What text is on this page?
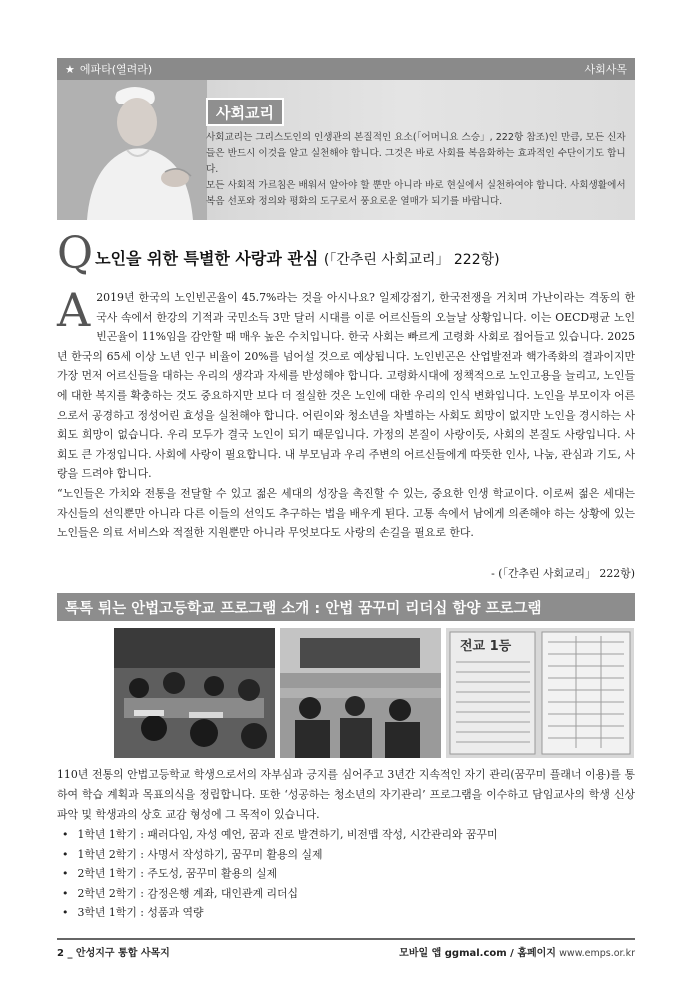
★ 에파타(열려라)	사회사목
사회교리

사회교리는 그리스도인의 인생관의 본질적인 요소(「어머니요 스승」, 222항 참조)인 만큼, 모든 신자들은 반드시 이것을 알고 실천해야 합니다. 그것은 바로 사회를 복음화하는 효과적인 수단이기도 합니다.

모든 사회적 가르침은 배워서 알아야 할 뿐만 아니라 바로 현실에서 실천하여야 합니다. 사회생활에서 복음 선포와 정의와 평화의 도구로서 풍요로운 열매가 되기를 바랍니다.

Q 노인을 위한 특별한 사랑과 관심 (「간추린 사회교리」 222항)
A 2019년 한국의 노인빈곤율이 45.7%라는 것을 아시나요? 일제강점기, 한국전쟁을 거치며 가난이라는 격동의 한국사 속에서 한강의 기적과 국민소득 3만 달러 시대를 이룬 어르신들의 오늘날 상황입니다. 이는 OECD평균 노인빈곤율이 11%임을 감안할 때 매우 높은 수치입니다. 한국 사회는 빠르게 고령화 사회로 접어들고 있습니다. 2025년 한국의 65세 이상 노년 인구 비율이 20%를 넘어설 것으로 예상됩니다. 노인빈곤은 산업발전과 핵가족화의 결과이지만 가장 먼저 어르신들을 대하는 우리의 생각과 자세를 반성해야 합니다. 고령화시대에 정책적으로 노인고용을 늘리고, 노인들에 대한 복지를 확충하는 것도 중요하지만 보다 더 절실한 것은 노인에 대한 우리의 인식 변화입니다. 노인을 부모이자 어른으로서 공경하고 정성어린 효성을 실천해야 합니다. 어린이와 청소년을 차별하는 사회도 희망이 없지만 노인을 경시하는 사회도 희망이 없습니다. 우리 모두가 결국 노인이 되기 때문입니다. 가정의 본질이 사랑이듯, 사회의 본질도 사랑입니다. 사회도 큰 가정입니다. 사회에 사랑이 필요합니다. 내 부모님과 우리 주변의 어르신들에게 따뜻한 인사, 나눔, 관심과 기도, 사랑을 드려야 합니다.

“노인들은 가치와 전통을 전달할 수 있고 젊은 세대의 성장을 촉진할 수 있는, 중요한 인생 학교이다. 이로써 젊은 세대는 자신들의 선익뿐만 아니라 다른 이들의 선익도 추구하는 법을 배우게 된다. 고통 속에서 남에게 의존해야 하는 상황에 있는 노인들은 의료 서비스와 적절한 지원뿐만 아니라 무엇보다도 사랑의 손길을 필요로 한다.

- (「간추린 사회교리」 222항)
톡톡 튀는 안법고등학교 프로그램 소개 : 안법 꿈꾸미 리더십 함양 프로그램
전교 1등

110년 전통의 안법고등학교 학생으로서의 자부심과 긍지를 심어주고 3년간 지속적인 자기 관리(꿈꾸미 플래너 이용)를 통하여 학습 계획과 목표의식을 정립합니다. 또한 ‘성공하는 청소년의 자기관리’ 프로그램을 이수하고 담임교사의 학생 신상 파악 및 학생과의 상호 교감 형성에 그 목적이 있습니다.

• 1학년 1학기 : 패러다임, 자성 예언, 꿈과 진로 발견하기, 비전맵 작성, 시간관리와 꿈꾸미
• 1학년 2학기 : 사명서 작성하기, 꿈꾸미 활용의 실제
• 2학년 1학기 : 주도성, 꿈꾸미 활용의 실제
• 2학년 2학기 : 감정은행 계좌, 대인관계 리더십
• 3학년 1학기 : 성품과 역량
2 _ 안성지구 통합 사목지	모바일 앱 ggmal.com / 홈페이지 www.emps.or.kr
